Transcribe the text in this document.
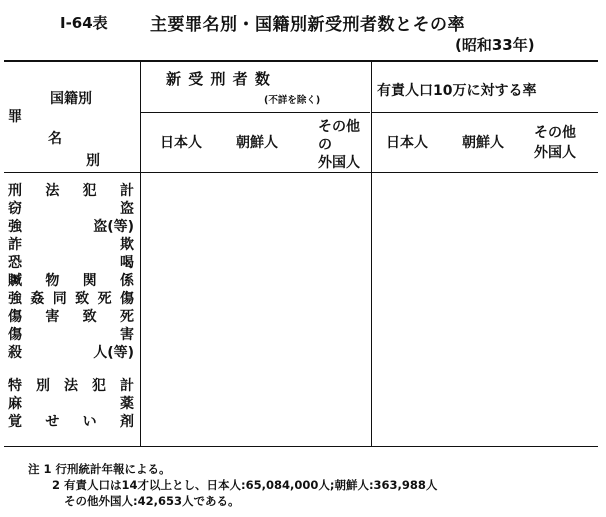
Ⅰ-64表 主要罪名別・国籍別新受刑者数とその率
(昭和33年)
国籍別
罪
名
別
新 受 刑 者 数
(不詳を除く)
有責人口10万に対する率
日本人 朝鮮人
その他
の
外国人
日本人 朝鮮人
その他
外国人
刑 法 犯 計
窃	盗
強	盗(等)
詐	欺
恐	喝
贓 物 関 係
強 姦 同 致 死 傷
傷 害 致 死
傷	害
殺	人(等)
特 別 法 犯 計
麻	薬
覚 せ い 剤
注 1 行刑統計年報による。
2 有責人口は14才以上とし、日本人:65,084,000人;朝鮮人:363,988人
その他外国人:42,653人である。
